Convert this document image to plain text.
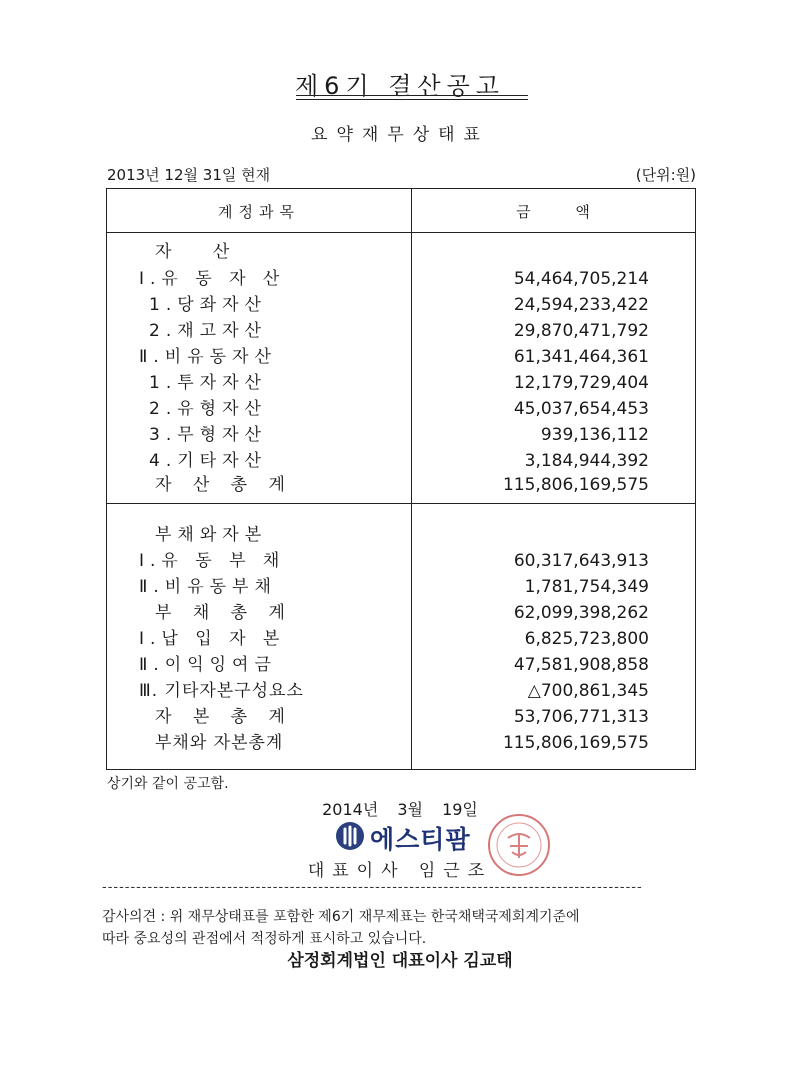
제6기 결산공고
요약재무상태표
2013년 12월 31일 현재	(단위:원)
계정과목	금 액
자 산
Ⅰ.유 동 자 산	54,464,705,214
1.당좌자산	24,594,233,422
2.재고자산	29,870,471,792
Ⅱ.비유동자산	61,341,464,361
1.투자자산	12,179,729,404
2.유형자산	45,037,654,453
3.무형자산	939,136,112
4.기타자산	3,184,944,392
자 산 총 계	115,806,169,575
부채와자본
Ⅰ.유 동 부 채	60,317,643,913
Ⅱ.비유동부채	1,781,754,349
부 채 총 계	62,099,398,262
Ⅰ.납 입 자 본	6,825,723,800
Ⅱ.이익잉여금	47,581,908,858
Ⅲ. 기타자본구성요소	△700,861,345
자 본 총 계	53,706,771,313
부채와 자본총계	115,806,169,575
상기와 같이 공고함.
2014년 3월 19일
에스티팜
대표이사 임근조
-----------------------------------------------------------------------------------------------
감사의견 : 위 재무상태표를 포함한 제6기 재무제표는 한국채택국제회계기준에
따라 중요성의 관점에서 적정하게 표시하고 있습니다.
삼정회계법인 대표이사 김교태
